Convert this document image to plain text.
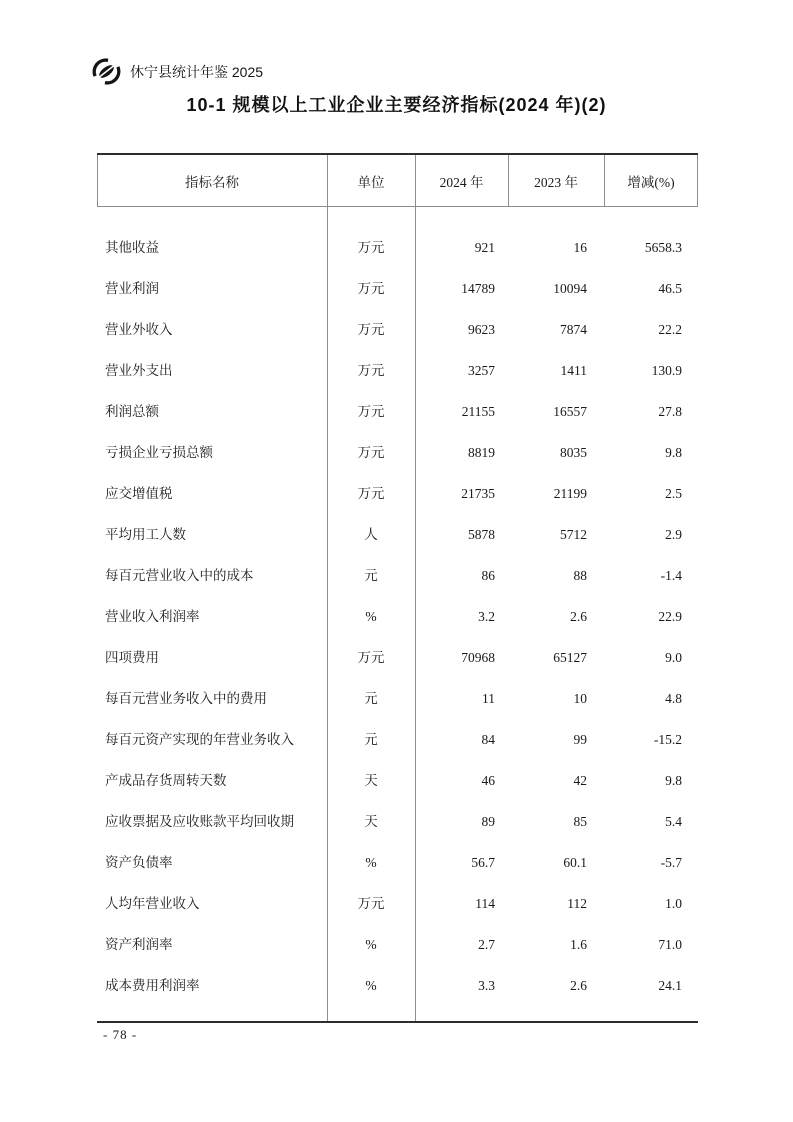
休宁县统计年鉴 2025
10-1 规模以上工业企业主要经济指标(2024 年)(2)
指标名称	单位	2024 年	2023 年	增减(%)
其他收益	万元	921	16	5658.3
营业利润	万元	14789	10094	46.5
营业外收入	万元	9623	7874	22.2
营业外支出	万元	3257	1411	130.9
利润总额	万元	21155	16557	27.8
亏损企业亏损总额	万元	8819	8035	9.8
应交增值税	万元	21735	21199	2.5
平均用工人数	人	5878	5712	2.9
每百元营业收入中的成本	元	86	88	-1.4
营业收入利润率	%	3.2	2.6	22.9
四项费用	万元	70968	65127	9.0
每百元营业务收入中的费用	元	11	10	4.8
每百元资产实现的年营业务收入	元	84	99	-15.2
产成品存货周转天数	天	46	42	9.8
应收票据及应收账款平均回收期	天	89	85	5.4
资产负债率	%	56.7	60.1	-5.7
人均年营业收入	万元	114	112	1.0
资产利润率	%	2.7	1.6	71.0
成本费用利润率	%	3.3	2.6	24.1
- 78 -
